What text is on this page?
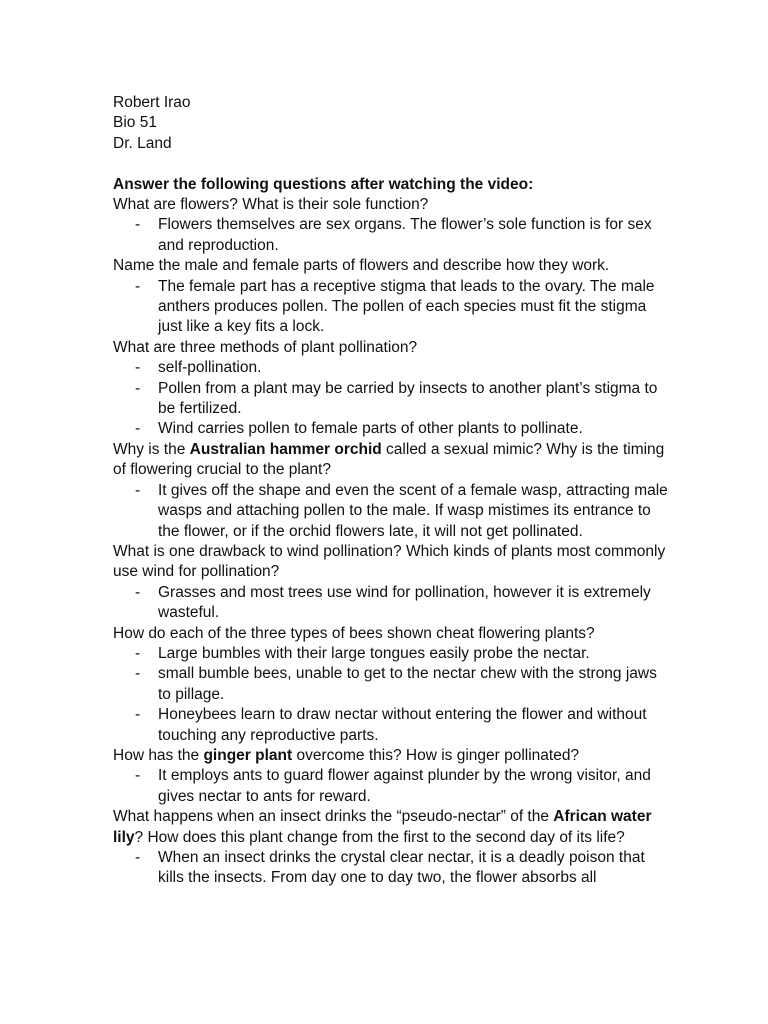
Robert Irao
Bio 51
Dr. Land
Answer the following questions after watching the video:
What are flowers? What is their sole function?
- Flowers themselves are sex organs. The flower’s sole function is for sex and reproduction.
Name the male and female parts of flowers and describe how they work.
- The female part has a receptive stigma that leads to the ovary. The male anthers produces pollen. The pollen of each species must fit the stigma just like a key fits a lock.
What are three methods of plant pollination?
- self-pollination.
- Pollen from a plant may be carried by insects to another plant’s stigma to be fertilized.
- Wind carries pollen to female parts of other plants to pollinate.
Why is the Australian hammer orchid called a sexual mimic? Why is the timing of flowering crucial to the plant?
- It gives off the shape and even the scent of a female wasp, attracting male wasps and attaching pollen to the male. If wasp mistimes its entrance to the flower, or if the orchid flowers late, it will not get pollinated.
What is one drawback to wind pollination? Which kinds of plants most commonly use wind for pollination?
- Grasses and most trees use wind for pollination, however it is extremely wasteful.
How do each of the three types of bees shown cheat flowering plants?
- Large bumbles with their large tongues easily probe the nectar.
- small bumble bees, unable to get to the nectar chew with the strong jaws to pillage.
- Honeybees learn to draw nectar without entering the flower and without touching any reproductive parts.
How has the ginger plant overcome this? How is ginger pollinated?
- It employs ants to guard flower against plunder by the wrong visitor, and gives nectar to ants for reward.
What happens when an insect drinks the “pseudo-nectar” of the African water lily? How does this plant change from the first to the second day of its life?
- When an insect drinks the crystal clear nectar, it is a deadly poison that kills the insects. From day one to day two, the flower absorbs all
